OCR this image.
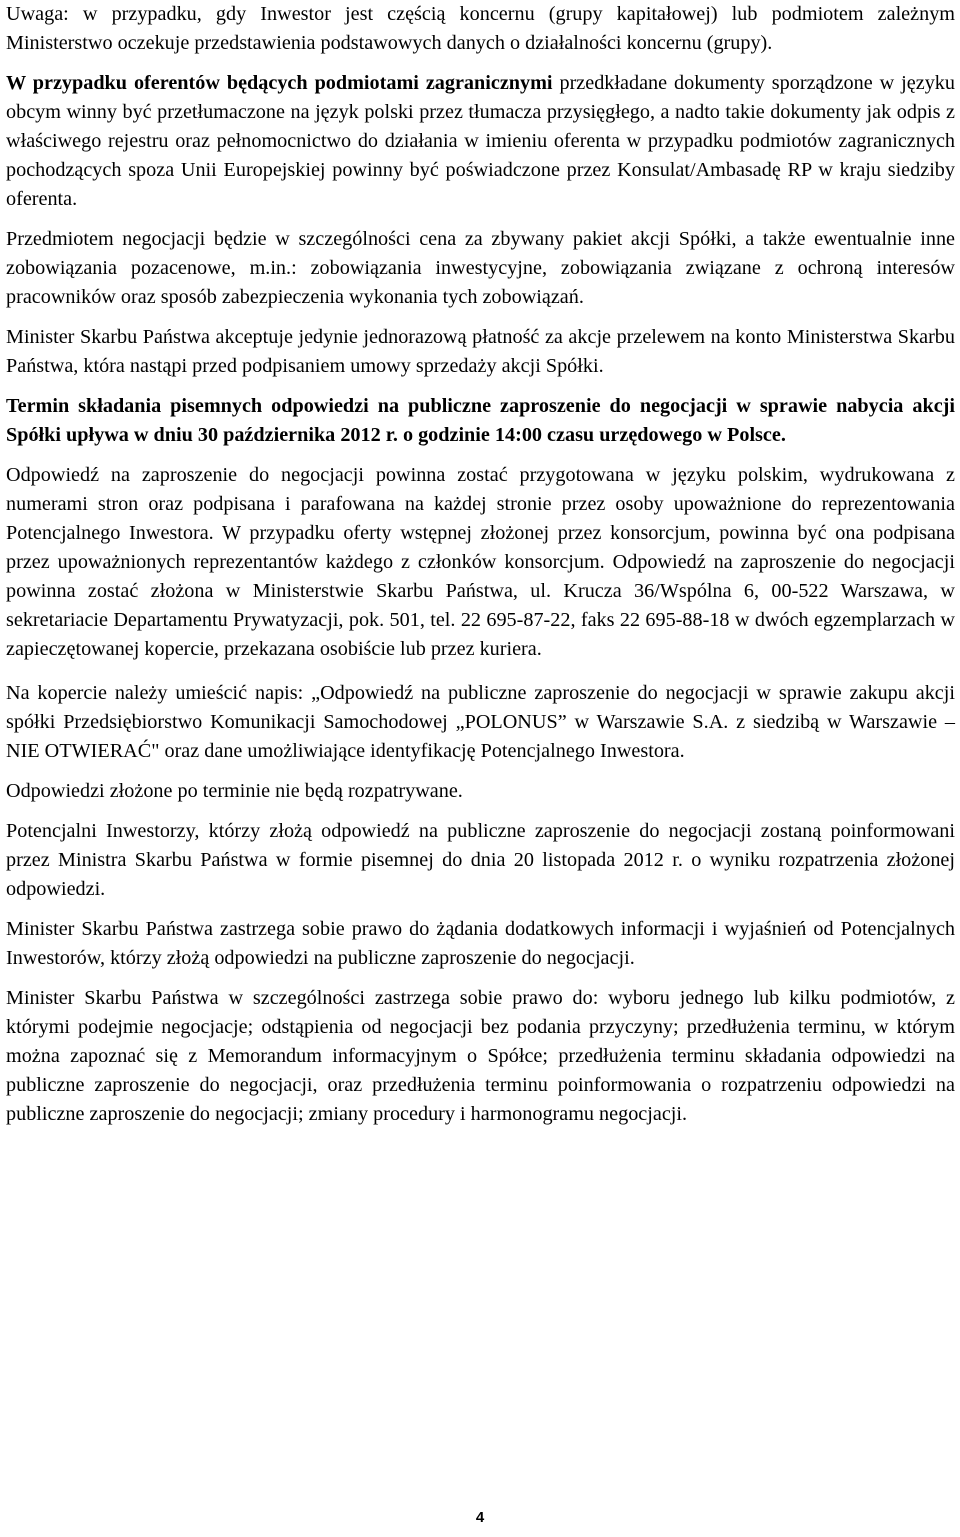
Uwaga: w przypadku, gdy Inwestor jest częścią koncernu (grupy kapitałowej) lub podmiotem zależnym Ministerstwo oczekuje przedstawienia podstawowych danych o działalności koncernu (grupy).

W przypadku oferentów będących podmiotami zagranicznymi przedkładane dokumenty sporządzone w języku obcym winny być przetłumaczone na język polski przez tłumacza przysięgłego, a nadto takie dokumenty jak odpis z właściwego rejestru oraz pełnomocnictwo do działania w imieniu oferenta w przypadku podmiotów zagranicznych pochodzących spoza Unii Europejskiej powinny być poświadczone przez Konsulat/Ambasadę RP w kraju siedziby oferenta.

Przedmiotem negocjacji będzie w szczególności cena za zbywany pakiet akcji Spółki, a także ewentualnie inne zobowiązania pozacenowe, m.in.: zobowiązania inwestycyjne, zobowiązania związane z ochroną interesów pracowników oraz sposób zabezpieczenia wykonania tych zobowiązań.

Minister Skarbu Państwa akceptuje jedynie jednorazową płatność za akcje przelewem na konto Ministerstwa Skarbu Państwa, która nastąpi przed podpisaniem umowy sprzedaży akcji Spółki.

Termin składania pisemnych odpowiedzi na publiczne zaproszenie do negocjacji w sprawie nabycia akcji Spółki upływa w dniu 30 października 2012 r. o godzinie 14:00 czasu urzędowego w Polsce.

Odpowiedź na zaproszenie do negocjacji powinna zostać przygotowana w języku polskim, wydrukowana z numerami stron oraz podpisana i parafowana na każdej stronie przez osoby upoważnione do reprezentowania Potencjalnego Inwestora. W przypadku oferty wstępnej złożonej przez konsorcjum, powinna być ona podpisana przez upoważnionych reprezentantów każdego z członków konsorcjum. Odpowiedź na zaproszenie do negocjacji powinna zostać złożona w Ministerstwie Skarbu Państwa, ul. Krucza 36/Wspólna 6, 00-522 Warszawa, w sekretariacie Departamentu Prywatyzacji, pok. 501, tel. 22 695-87-22, faks 22 695-88-18 w dwóch egzemplarzach w zapieczętowanej kopercie, przekazana osobiście lub przez kuriera.

Na kopercie należy umieścić napis: „Odpowiedź na publiczne zaproszenie do negocjacji w sprawie zakupu akcji spółki Przedsiębiorstwo Komunikacji Samochodowej „POLONUS” w Warszawie S.A. z siedzibą w Warszawie – NIE OTWIERAĆ" oraz dane umożliwiające identyfikację Potencjalnego Inwestora.

Odpowiedzi złożone po terminie nie będą rozpatrywane.

Potencjalni Inwestorzy, którzy złożą odpowiedź na publiczne zaproszenie do negocjacji zostaną poinformowani przez Ministra Skarbu Państwa w formie pisemnej do dnia 20 listopada 2012 r. o wyniku rozpatrzenia złożonej odpowiedzi.

Minister Skarbu Państwa zastrzega sobie prawo do żądania dodatkowych informacji i wyjaśnień od Potencjalnych Inwestorów, którzy złożą odpowiedzi na publiczne zaproszenie do negocjacji.

Minister Skarbu Państwa w szczególności zastrzega sobie prawo do: wyboru jednego lub kilku podmiotów, z którymi podejmie negocjacje; odstąpienia od negocjacji bez podania przyczyny; przedłużenia terminu, w którym można zapoznać się z Memorandum informacyjnym o Spółce; przedłużenia terminu składania odpowiedzi na publiczne zaproszenie do negocjacji, oraz przedłużenia terminu poinformowania o rozpatrzeniu odpowiedzi na publiczne zaproszenie do negocjacji; zmiany procedury i harmonogramu negocjacji.

4
